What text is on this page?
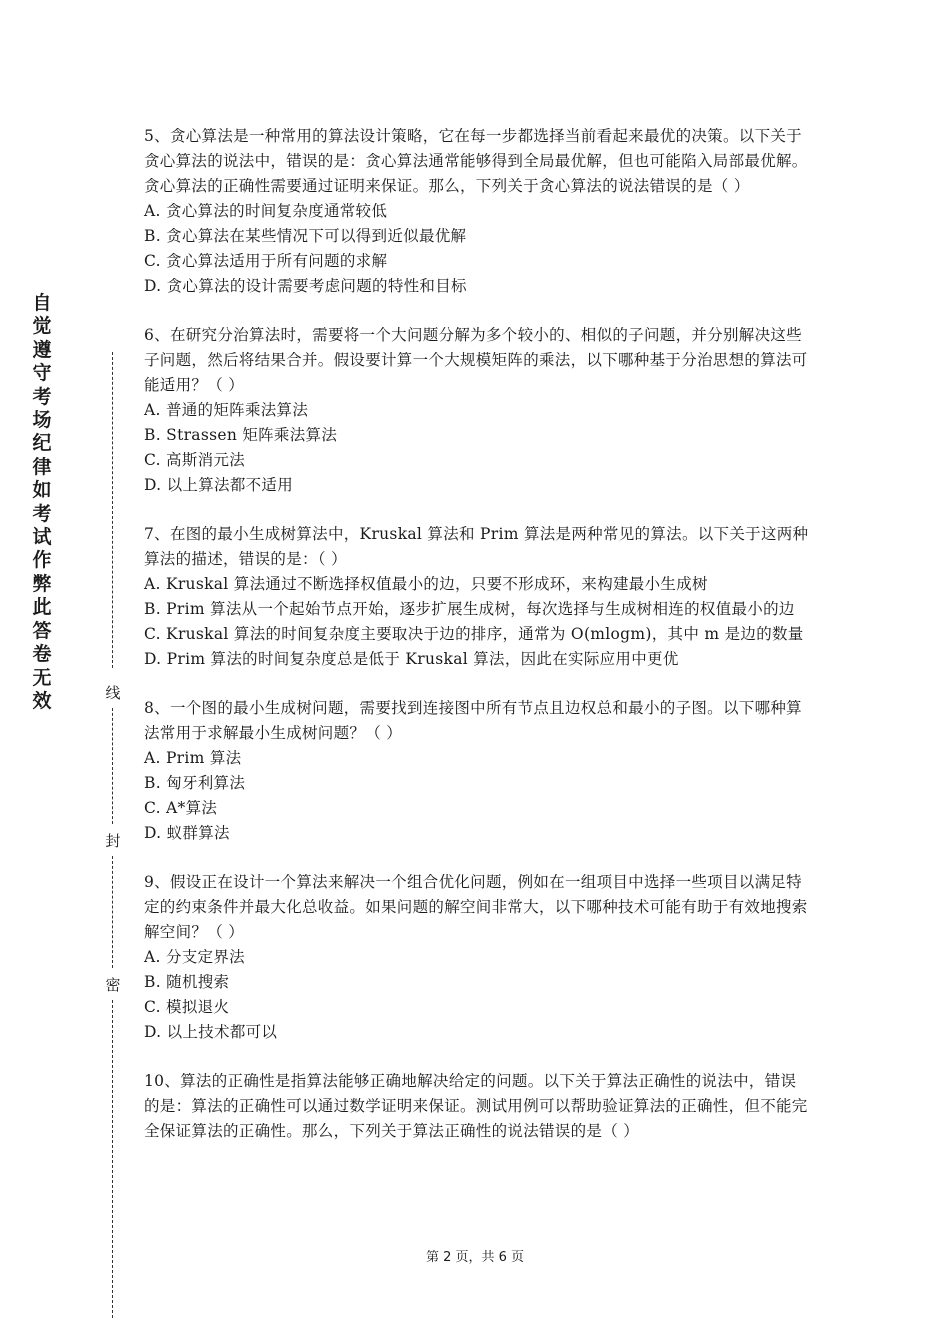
自
觉
遵
守
考
场
纪
律
如
考
试
作
弊
此
答
卷
无
效	线
封
密

5、贪心算法是一种常用的算法设计策略，它在每一步都选择当前看起来最优的决策。以下关于贪心算法的说法中，错误的是：贪心算法通常能够得到全局最优解，但也可能陷入局部最优解。贪心算法的正确性需要通过证明来保证。那么，下列关于贪心算法的说法错误的是（ ）

A. 贪心算法的时间复杂度通常较低

B. 贪心算法在某些情况下可以得到近似最优解

C. 贪心算法适用于所有问题的求解

D. 贪心算法的设计需要考虑问题的特性和目标

6、在研究分治算法时，需要将一个大问题分解为多个较小的、相似的子问题，并分别解决这些子问题，然后将结果合并。假设要计算一个大规模矩阵的乘法，以下哪种基于分治思想的算法可能适用？（ ）

A. 普通的矩阵乘法算法

B. Strassen 矩阵乘法算法

C. 高斯消元法

D. 以上算法都不适用

7、在图的最小生成树算法中，Kruskal 算法和 Prim 算法是两种常见的算法。以下关于这两种算法的描述，错误的是：（ ）

A. Kruskal 算法通过不断选择权值最小的边，只要不形成环，来构建最小生成树

B. Prim 算法从一个起始节点开始，逐步扩展生成树，每次选择与生成树相连的权值最小的边

C. Kruskal 算法的时间复杂度主要取决于边的排序，通常为 O(mlogm)，其中 m 是边的数量

D. Prim 算法的时间复杂度总是低于 Kruskal 算法，因此在实际应用中更优

8、一个图的最小生成树问题，需要找到连接图中所有节点且边权总和最小的子图。以下哪种算法常用于求解最小生成树问题？（ ）

A. Prim 算法

B. 匈牙利算法

C. A*算法

D. 蚁群算法

9、假设正在设计一个算法来解决一个组合优化问题，例如在一组项目中选择一些项目以满足特定的约束条件并最大化总收益。如果问题的解空间非常大，以下哪种技术可能有助于有效地搜索解空间？（ ）

A. 分支定界法

B. 随机搜索

C. 模拟退火

D. 以上技术都可以

10、算法的正确性是指算法能够正确地解决给定的问题。以下关于算法正确性的说法中，错误的是：算法的正确性可以通过数学证明来保证。测试用例可以帮助验证算法的正确性，但不能完全保证算法的正确性。那么，下列关于算法正确性的说法错误的是（ ）

第 2 页，共 6 页
